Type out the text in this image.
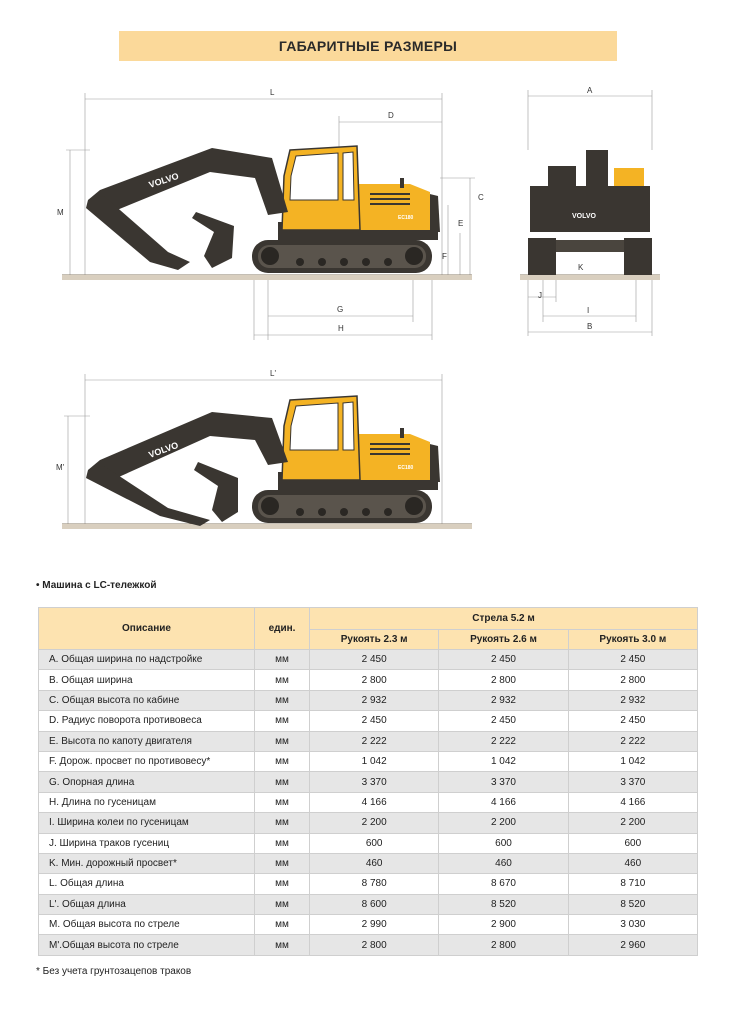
ГАБАРИТНЫЕ РАЗМЕРЫ
L
D
C
E
F
M
G
H
EC180
VOLVO
A
K
J
I
B
VOLVO
L'
M'	EC180
VOLVO
• Машина с LC-тележкой
Описание	един.	Стрела 5.2 м		
		Рукоять 2.3 м	Рукоять 2.6 м	Рукоять 3.0 м
A. Общая ширина по надстройке	мм	2 450	2 450	2 450
B. Общая ширина	мм	2 800	2 800	2 800
C. Общая высота по кабине	мм	2 932	2 932	2 932
D. Радиус поворота противовеса	мм	2 450	2 450	2 450
E. Высота по капоту двигателя	мм	2 222	2 222	2 222
F. Дорож. просвет по противовесу*	мм	1 042	1 042	1 042
G. Опорная длина	мм	3 370	3 370	3 370
H. Длина по гусеницам	мм	4 166	4 166	4 166
I. Ширина колеи по гусеницам	мм	2 200	2 200	2 200
J. Ширина траков гусениц	мм	600	600	600
K. Мин. дорожный просвет*	мм	460	460	460
L. Общая длина	мм	8 780	8 670	8 710
L'. Общая длина	мм	8 600	8 520	8 520
M. Общая высота по стреле	мм	2 990	2 900	3 030
M'.Общая высота по стреле	мм	2 800	2 800	2 960
* Без учета грунтозацепов траков
